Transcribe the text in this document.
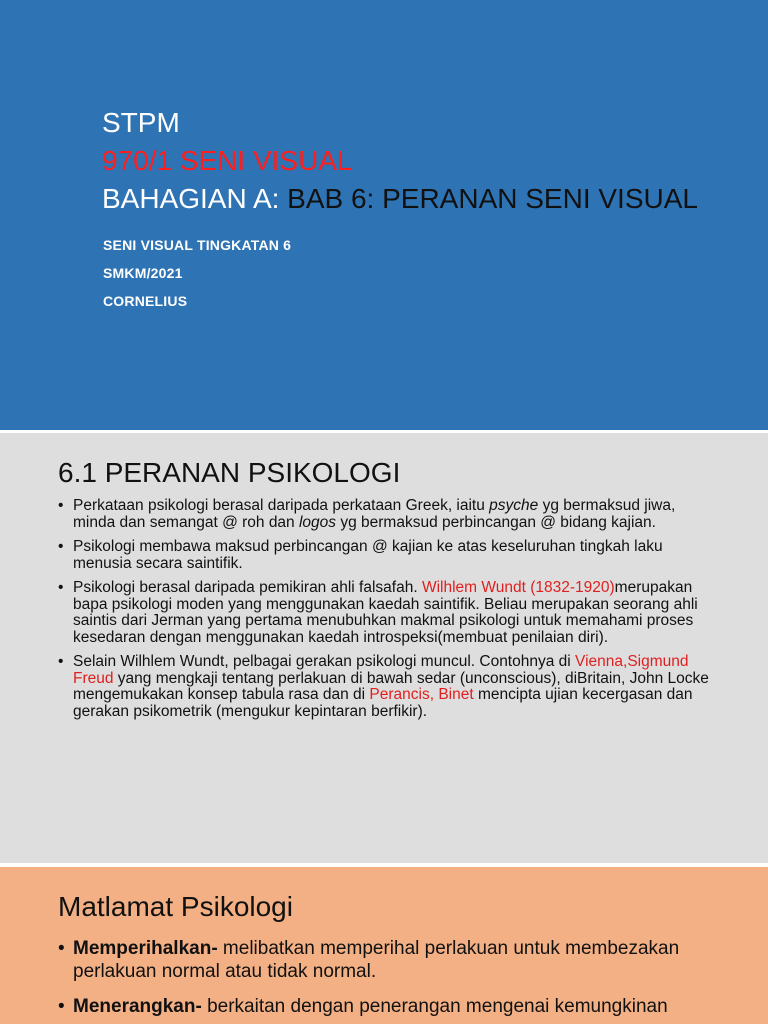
STPM
970/1 SENI VISUAL
BAHAGIAN A: BAB 6: PERANAN SENI VISUAL
SENI VISUAL TINGKATAN 6
SMKM/2021
CORNELIUS
6.1 PERANAN PSIKOLOGI
• Perkataan psikologi berasal daripada perkataan Greek, iaitu psyche yg bermaksud jiwa, minda dan semangat @ roh dan logos yg bermaksud perbincangan @ bidang kajian.
• Psikologi membawa maksud perbincangan @ kajian ke atas keseluruhan tingkah laku menusia secara saintifik.
• Psikologi berasal daripada pemikiran ahli falsafah. Wilhlem Wundt (1832-1920)merupakan bapa psikologi moden yang menggunakan kaedah saintifik. Beliau merupakan seorang ahli saintis dari Jerman yang pertama menubuhkan makmal psikologi untuk memahami proses kesedaran dengan menggunakan kaedah introspeksi(membuat penilaian diri).
• Selain Wilhlem Wundt, pelbagai gerakan psikologi muncul. Contohnya di Vienna,Sigmund Freud yang mengkaji tentang perlakuan di bawah sedar (unconscious), diBritain, John Locke mengemukakan konsep tabula rasa dan di Perancis, Binet mencipta ujian kecergasan dan gerakan psikometrik (mengukur kepintaran berfikir).
Matlamat Psikologi
• Memperihalkan- melibatkan memperihal perlakuan untuk membezakan perlakuan normal atau tidak normal.
• Menerangkan- berkaitan dengan penerangan mengenai kemungkinan
